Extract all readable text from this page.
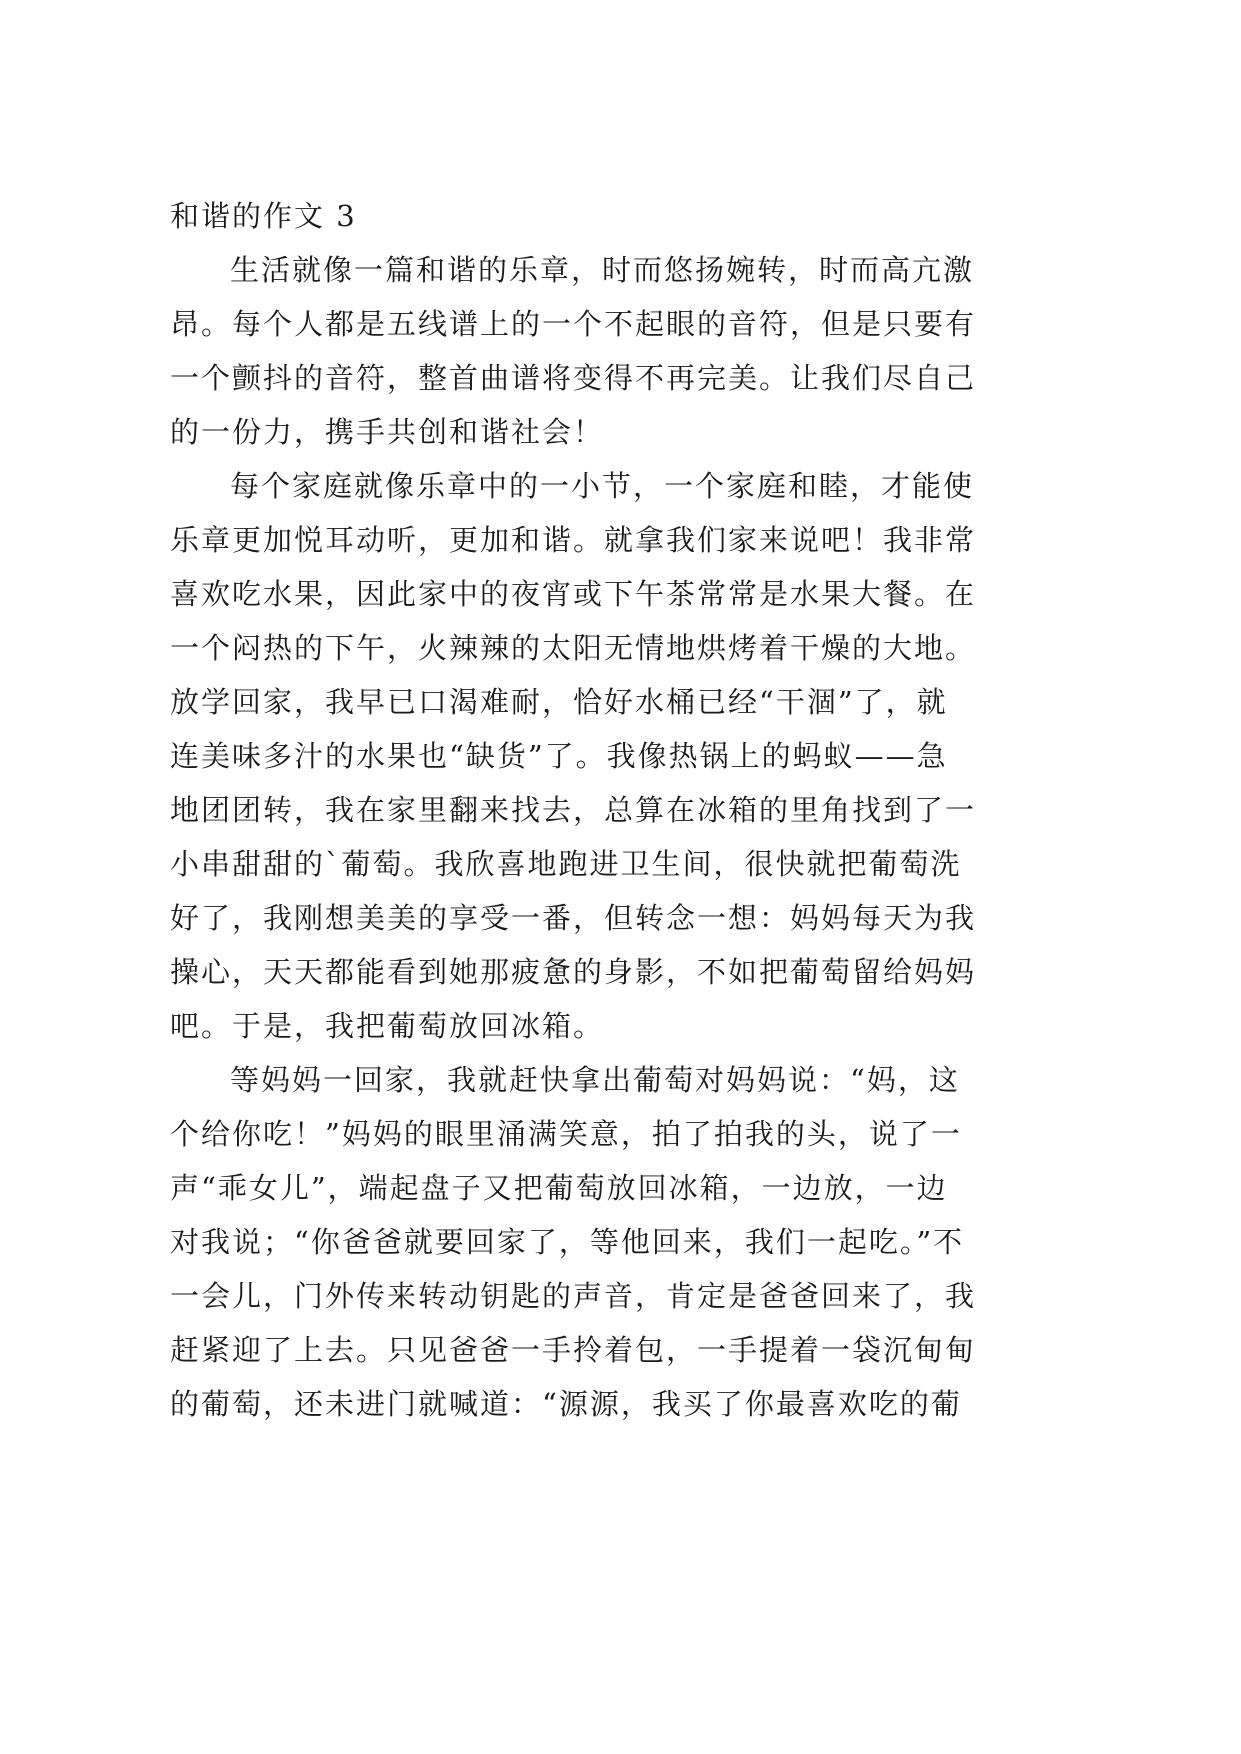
和谐的作文 3

生活就像一篇和谐的乐章，时而悠扬婉转，时而高亢激

昂。每个人都是五线谱上的一个不起眼的音符，但是只要有

一个颤抖的音符，整首曲谱将变得不再完美。让我们尽自己

的一份力，携手共创和谐社会！

每个家庭就像乐章中的一小节，一个家庭和睦，才能使

乐章更加悦耳动听，更加和谐。就拿我们家来说吧！我非常

喜欢吃水果，因此家中的夜宵或下午茶常常是水果大餐。在

一个闷热的下午，火辣辣的太阳无情地烘烤着干燥的大地。

放学回家，我早已口渴难耐，恰好水桶已经“干涸”了，就

连美味多汁的水果也“缺货”了。我像热锅上的蚂蚁——急

地团团转，我在家里翻来找去，总算在冰箱的里角找到了一

小串甜甜的`葡萄。我欣喜地跑进卫生间，很快就把葡萄洗

好了，我刚想美美的享受一番，但转念一想：妈妈每天为我

操心，天天都能看到她那疲惫的身影，不如把葡萄留给妈妈

吧。于是，我把葡萄放回冰箱。

等妈妈一回家，我就赶快拿出葡萄对妈妈说：“妈，这

个给你吃！”妈妈的眼里涌满笑意，拍了拍我的头，说了一

声“乖女儿”，端起盘子又把葡萄放回冰箱，一边放，一边

对我说；“你爸爸就要回家了，等他回来，我们一起吃。”不

一会儿，门外传来转动钥匙的声音，肯定是爸爸回来了，我

赶紧迎了上去。只见爸爸一手拎着包，一手提着一袋沉甸甸

的葡萄，还未进门就喊道：“源源，我买了你最喜欢吃的葡
